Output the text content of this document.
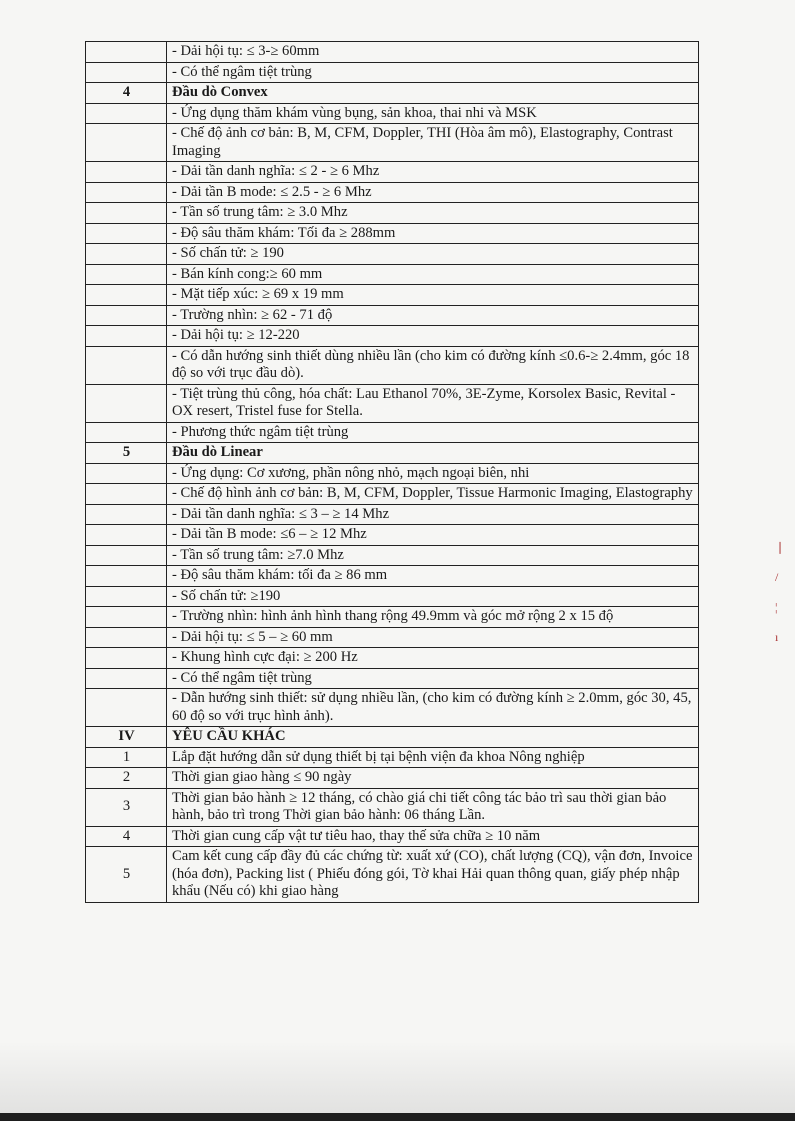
	- Dải hội tụ: ≤ 3-≥ 60mm
	- Có thể ngâm tiệt trùng
4	Đầu dò Convex
	- Ứng dụng thăm khám vùng bụng, sản khoa, thai nhi và MSK
	- Chế độ ảnh cơ bản: B, M, CFM, Doppler, THI (Hòa âm mô), Elastography, Contrast Imaging
	- Dải tần danh nghĩa: ≤ 2 - ≥ 6 Mhz
	- Dải tần B mode: ≤ 2.5 - ≥ 6 Mhz
	- Tần số trung tâm: ≥ 3.0 Mhz
	- Độ sâu thăm khám: Tối đa ≥ 288mm
	- Số chấn tử: ≥ 190
	- Bán kính cong:≥ 60 mm
	- Mặt tiếp xúc: ≥ 69 x 19 mm
	- Trường nhìn: ≥ 62 - 71 độ
	- Dải hội tụ: ≥ 12-220
	- Có dẫn hướng sinh thiết dùng nhiều lần (cho kim có đường kính ≤0.6-≥ 2.4mm, góc 18 độ so với trục đầu dò).
	- Tiệt trùng thủ công, hóa chất: Lau Ethanol 70%, 3E-Zyme, Korsolex Basic, Revital -OX resert, Tristel fuse for Stella.
	- Phương thức ngâm tiệt trùng
5	Đầu dò Linear
	- Ứng dụng: Cơ xương, phần nông nhỏ, mạch ngoại biên, nhi
	- Chế độ hình ảnh cơ bản: B, M, CFM, Doppler, Tissue Harmonic Imaging, Elastography
	- Dải tần danh nghĩa: ≤ 3 – ≥ 14 Mhz
	- Dải tần B mode: ≤6 – ≥ 12 Mhz
	- Tần số trung tâm: ≥7.0 Mhz
	- Độ sâu thăm khám: tối đa ≥ 86 mm
	- Số chấn tử: ≥190
	- Trường nhìn: hình ảnh hình thang rộng 49.9mm và góc mở rộng 2 x 15 độ
	- Dải hội tụ: ≤ 5 – ≥ 60 mm
	- Khung hình cực đại: ≥ 200 Hz
	- Có thể ngâm tiệt trùng
	- Dẫn hướng sinh thiết: sử dụng nhiều lần, (cho kim có đường kính ≥ 2.0mm, góc 30, 45, 60 độ so với trục hình ảnh).
IV	YÊU CẦU KHÁC
1	Lắp đặt hướng dẫn sử dụng thiết bị tại bệnh viện đa khoa Nông nghiệp
2	Thời gian giao hàng ≤ 90 ngày
3	Thời gian bảo hành ≥ 12 tháng, có chào giá chi tiết công tác bảo trì sau thời gian bảo hành, bảo trì trong Thời gian bảo hành: 06 tháng Lần.
4	Thời gian cung cấp vật tư tiêu hao, thay thế sửa chữa ≥ 10 năm
5	Cam kết cung cấp đầy đủ các chứng từ: xuất xứ (CO), chất lượng (CQ), vận đơn, Invoice (hóa đơn), Packing list ( Phiếu đóng gói, Tờ khai Hải quan thông quan, giấy phép nhập khẩu (Nếu có) khi giao hàng
❘
/
¦
ı
